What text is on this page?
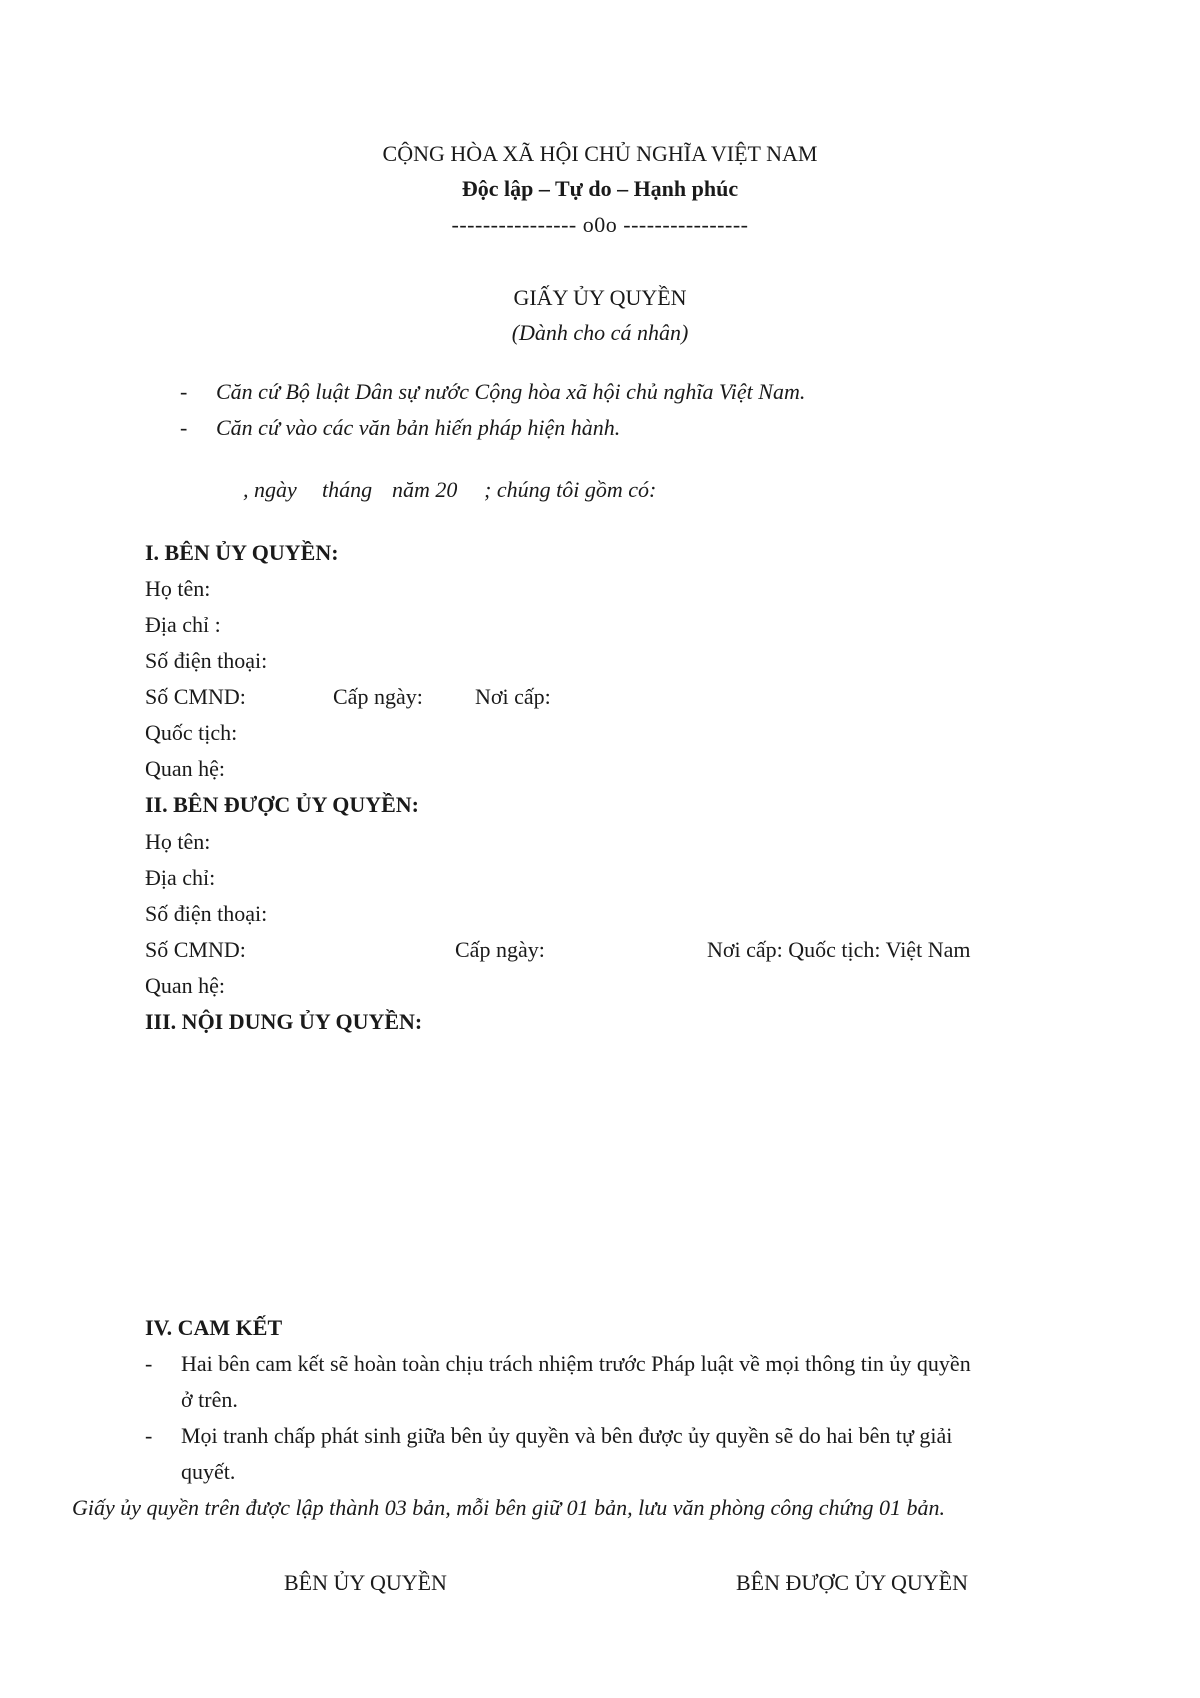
CỘNG HÒA XÃ HỘI CHỦ NGHĨA VIỆT NAM
Độc lập – Tự do – Hạnh phúc
---------------- o0o ----------------
GIẤY ỦY QUYỀN
(Dành cho cá nhân)
- Căn cứ Bộ luật Dân sự nước Cộng hòa xã hội chủ nghĩa Việt Nam.
- Căn cứ vào các văn bản hiến pháp hiện hành.
, ngày tháng năm 20 ; chúng tôi gồm có:
I. BÊN ỦY QUYỀN:
Họ tên:
Địa chỉ :
Số điện thoại:
Số CMND:	Cấp ngày: Nơi cấp:
Quốc tịch:
Quan hệ:
II. BÊN ĐƯỢC ỦY QUYỀN:
Họ tên:
Địa chỉ:
Số điện thoại:
Số CMND:	Cấp ngày:	Nơi cấp: Quốc tịch: Việt Nam
Quan hệ:
III. NỘI DUNG ỦY QUYỀN:
IV. CAM KẾT
- Hai bên cam kết sẽ hoàn toàn chịu trách nhiệm trước Pháp luật về mọi thông tin ủy quyền
ở trên.
- Mọi tranh chấp phát sinh giữa bên ủy quyền và bên được ủy quyền sẽ do hai bên tự giải
quyết.
Giấy ủy quyền trên được lập thành 03 bản, mỗi bên giữ 01 bản, lưu văn phòng công chứng 01 bản.
BÊN ỦY QUYỀN	BÊN ĐƯỢC ỦY QUYỀN
